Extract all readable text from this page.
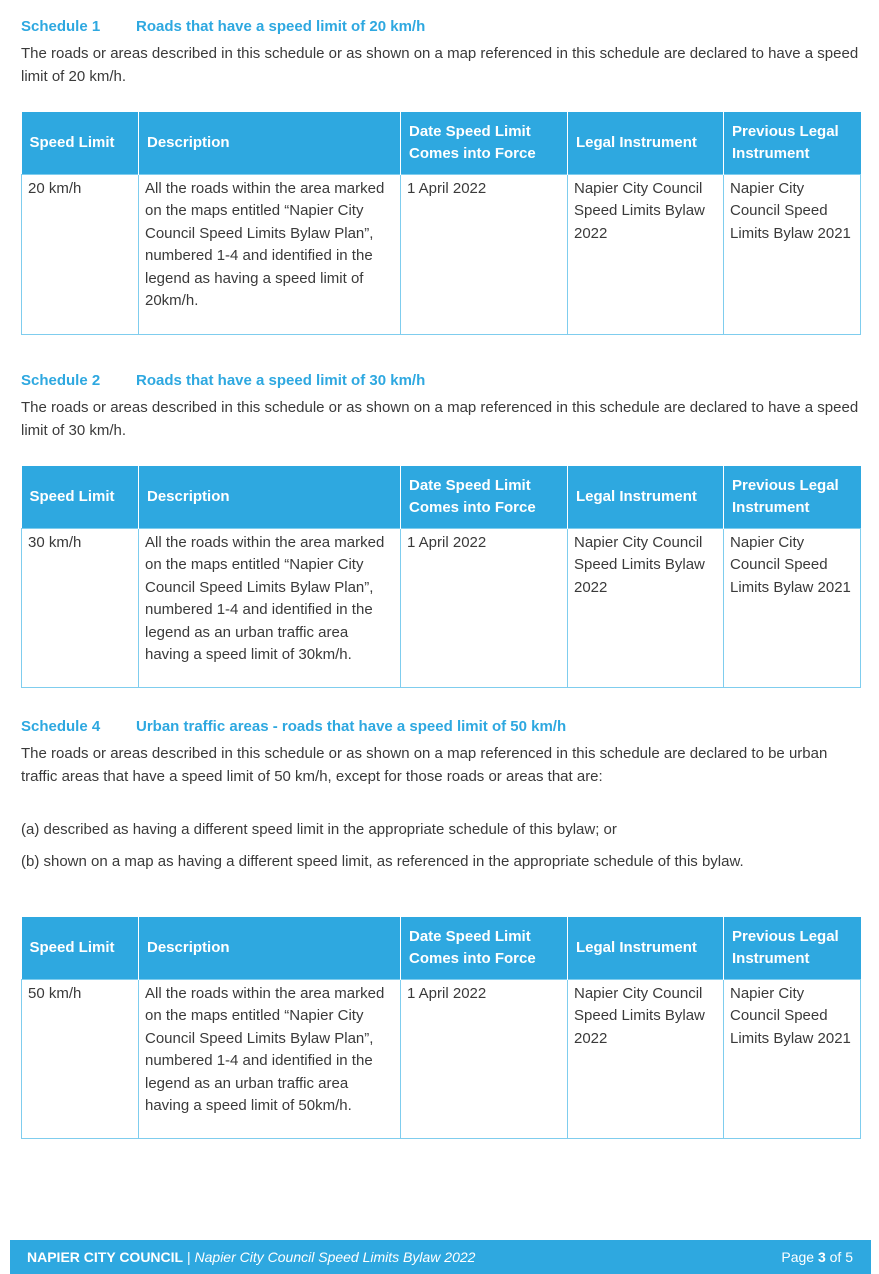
Schedule 1 Roads that have a speed limit of 20 km/h
The roads or areas described in this schedule or as shown on a map referenced in this schedule are declared to have a speed limit of 20 km/h.
Speed Limit	Description	Date Speed Limit Comes into Force	Legal Instrument	Previous Legal Instrument
20 km/h	All the roads within the area marked on the maps entitled “Napier City Council Speed Limits Bylaw Plan”, numbered 1-4 and identified in the legend as having a speed limit of 20km/h.	1 April 2022	Napier City Council Speed Limits Bylaw 2022	Napier City Council Speed Limits Bylaw 2021
Schedule 2 Roads that have a speed limit of 30 km/h
The roads or areas described in this schedule or as shown on a map referenced in this schedule are declared to have a speed limit of 30 km/h.
Speed Limit	Description	Date Speed Limit Comes into Force	Legal Instrument	Previous Legal Instrument
30 km/h	All the roads within the area marked on the maps entitled “Napier City Council Speed Limits Bylaw Plan”, numbered 1-4 and identified in the legend as an urban traffic area having a speed limit of 30km/h.	1 April 2022	Napier City Council Speed Limits Bylaw 2022	Napier City Council Speed Limits Bylaw 2021
Schedule 4 Urban traffic areas - roads that have a speed limit of 50 km/h
The roads or areas described in this schedule or as shown on a map referenced in this schedule are declared to be urban traffic areas that have a speed limit of 50 km/h, except for those roads or areas that are:
(a) described as having a different speed limit in the appropriate schedule of this bylaw; or
(b) shown on a map as having a different speed limit, as referenced in the appropriate schedule of this bylaw.
Speed Limit	Description	Date Speed Limit Comes into Force	Legal Instrument	Previous Legal Instrument
50 km/h	All the roads within the area marked on the maps entitled “Napier City Council Speed Limits Bylaw Plan”, numbered 1-4 and identified in the legend as an urban traffic area having a speed limit of 50km/h.	1 April 2022	Napier City Council Speed Limits Bylaw 2022	Napier City Council Speed Limits Bylaw 2021
NAPIER CITY COUNCIL | Napier City Council Speed Limits Bylaw 2022	Page 3 of 5
